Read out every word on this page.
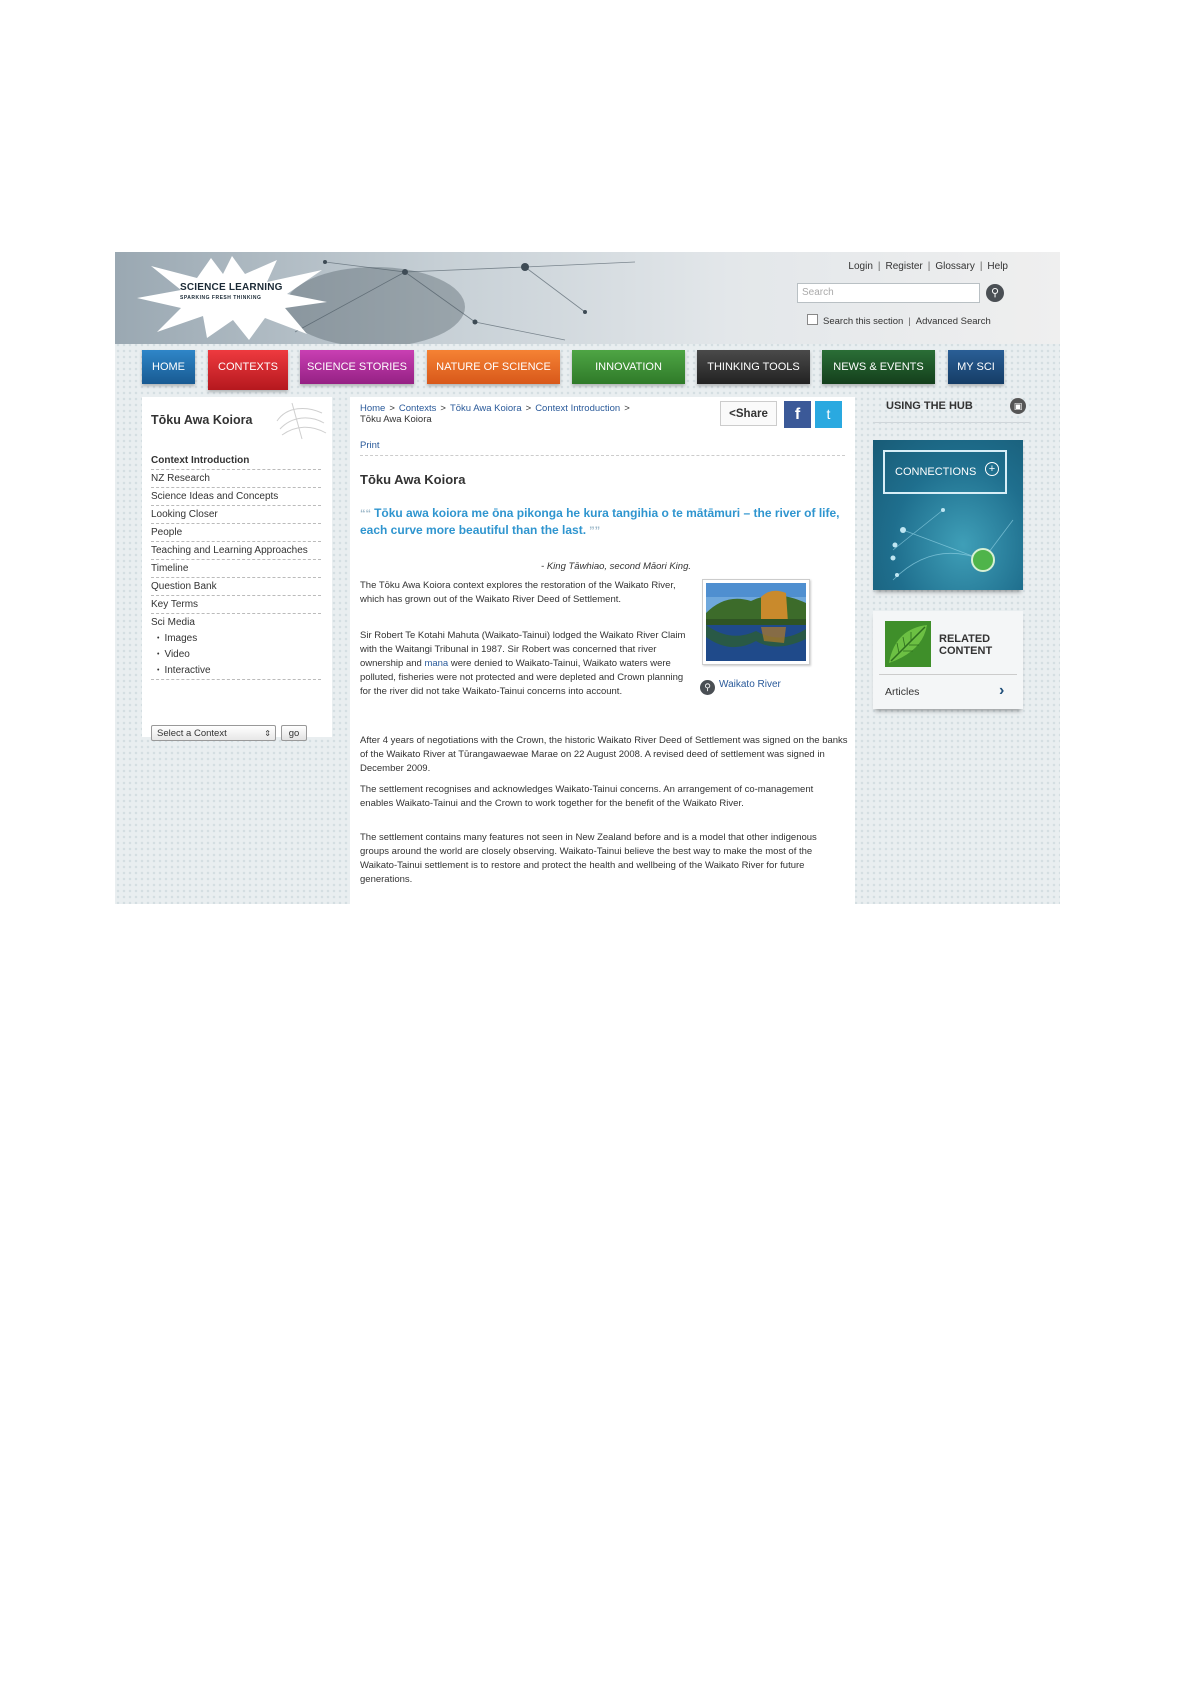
SCIENCE LEARNING
SPARKING FRESH THINKING
Login | Register | Glossary | Help
Search	⚲
Search this section | Advanced Search
HOME	CONTEXTS	SCIENCE STORIES	NATURE OF SCIENCE	INNOVATION	THINKING TOOLS	NEWS & EVENTS	MY SCI
Tōku Awa Koiora
Context Introduction
NZ Research
Science Ideas and Concepts
Looking Closer
People
Teaching and Learning Approaches
Timeline
Question Bank
Key Terms
Sci Media
• Images
• Video
• Interactive
Select a Context	⇕	go
Home > Contexts > Tōku Awa Koiora > Context Introduction >
Tōku Awa Koiora	<Share	f	t
Print
Tōku Awa Koiora
““ Tōku awa koiora me ōna pikonga he kura tangihia o te mātāmuri – the river of life, each curve more beautiful than the last. ””
- King Tāwhiao, second Māori King.

The Tōku Awa Koiora context explores the restoration of the Waikato River, which has grown out of the Waikato River Deed of Settlement.

Sir Robert Te Kotahi Mahuta (Waikato-Tainui) lodged the Waikato River Claim with the Waitangi Tribunal in 1987. Sir Robert was concerned that river ownership and mana were denied to Waikato-Tainui, Waikato waters were polluted, fisheries were not protected and were depleted and Crown planning for the river did not take Waikato-Tainui concerns into account.

After 4 years of negotiations with the Crown, the historic Waikato River Deed of Settlement was signed on the banks of the Waikato River at Tūrangawaewae Marae on 22 August 2008. A revised deed of settlement was signed in December 2009.

The settlement recognises and acknowledges Waikato-Tainui concerns. An arrangement of co-management enables Waikato-Tainui and the Crown to work together for the benefit of the Waikato River.

The settlement contains many features not seen in New Zealand before and is a model that other indigenous groups around the world are closely observing. Waikato-Tainui believe the best way to make the most of the Waikato-Tainui settlement is to restore and protect the health and wellbeing of the Waikato River for future generations.

⚲ Waikato River
USING THE HUB	▣
CONNECTIONS	+
RELATED CONTENT
Articles	›
